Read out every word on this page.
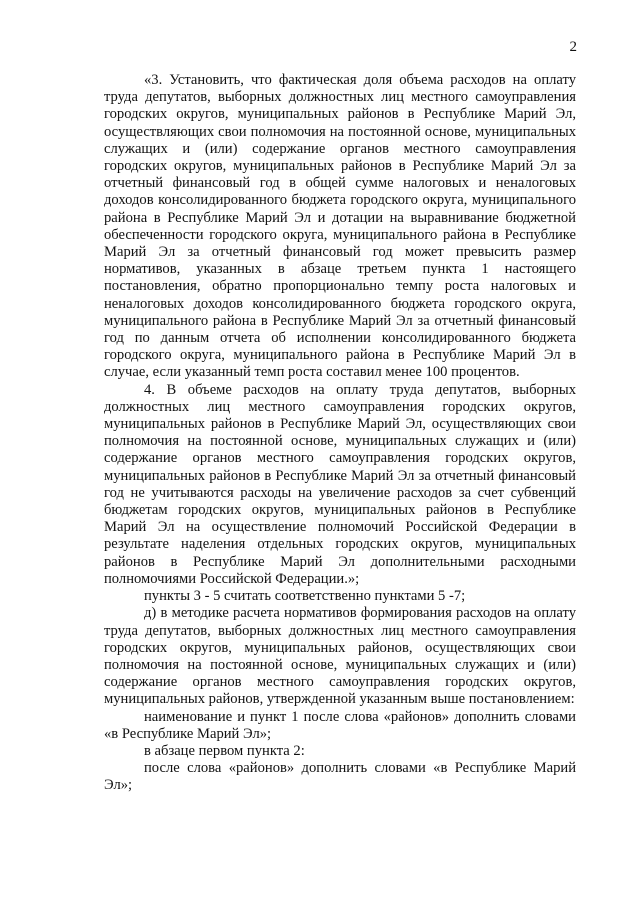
2

«3. Установить, что фактическая доля объема расходов на оплату труда депутатов, выборных должностных лиц местного самоуправления городских округов, муниципальных районов в Республике Марий Эл, осуществляющих свои полномочия на постоянной основе, муниципальных служащих и (или) содержание органов местного самоуправления городских округов, муниципальных районов в Республике Марий Эл за отчетный финансовый год в общей сумме налоговых и неналоговых доходов консолидированного бюджета городского округа, муниципального района в Республике Марий Эл и дотации на выравнивание бюджетной обеспеченности городского округа, муниципального района в Республике Марий Эл за отчетный финансовый год может превысить размер нормативов, указанных в абзаце третьем пункта 1 настоящего постановления, обратно пропорционально темпу роста налоговых и неналоговых доходов консолидированного бюджета городского округа, муниципального района в Республике Марий Эл за отчетный финансовый год по данным отчета об исполнении консолидированного бюджета городского округа, муниципального района в Республике Марий Эл в случае, если указанный темп роста составил менее 100 процентов.

4. В объеме расходов на оплату труда депутатов, выборных должностных лиц местного самоуправления городских округов, муниципальных районов в Республике Марий Эл, осуществляющих свои полномочия на постоянной основе, муниципальных служащих и (или) содержание органов местного самоуправления городских округов, муниципальных районов в Республике Марий Эл за отчетный финансовый год не учитываются расходы на увеличение расходов за счет субвенций бюджетам городских округов, муниципальных районов в Республике Марий Эл на осуществление полномочий Российской Федерации в результате наделения отдельных городских округов, муниципальных районов в Республике Марий Эл дополнительными расходными полномочиями Российской Федерации.»;

пункты 3 - 5 считать соответственно пунктами 5 -7;

д) в методике расчета нормативов формирования расходов на оплату труда депутатов, выборных должностных лиц местного самоуправления городских округов, муниципальных районов, осуществляющих свои полномочия на постоянной основе, муниципальных служащих и (или) содержание органов местного самоуправления городских округов, муниципальных районов, утвержденной указанным выше постановлением:

наименование и пункт 1 после слова «районов» дополнить словами «в Республике Марий Эл»;

в абзаце первом пункта 2:

после слова «районов» дополнить словами «в Республике Марий Эл»;
